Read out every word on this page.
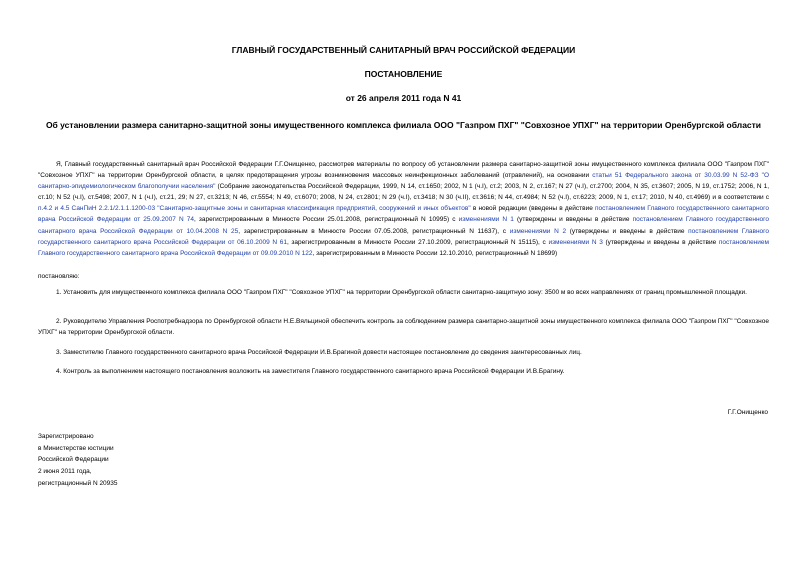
ГЛАВНЫЙ ГОСУДАРСТВЕННЫЙ САНИТАРНЫЙ ВРАЧ РОССИЙСКОЙ ФЕДЕРАЦИИ
ПОСТАНОВЛЕНИЕ
от 26 апреля 2011 года N 41
Об установлении размера санитарно-защитной зоны имущественного комплекса филиала ООО "Газпром ПХГ" "Совхозное УПХГ" на территории Оренбургской области
Я, Главный государственный санитарный врач Российской Федерации Г.Г.Онищенко, рассмотрев материалы по вопросу об установлении размера санитарно-защитной зоны имущественного комплекса филиала ООО "Газпром ПХГ" "Совхозное УПХГ" на территории Оренбургской области, в целях предотвращения угрозы возникновения массовых неинфекционных заболеваний (отравлений), на основании статьи 51 Федерального закона от 30.03.99 N 52-ФЗ "О санитарно-эпидемиологическом благополучии населения" (Собрание законодательства Российской Федерации, 1999, N 14, ст.1650; 2002, N 1 (ч.I), ст.2; 2003, N 2, ст.167; N 27 (ч.I), ст.2700; 2004, N 35, ст.3607; 2005, N 19, ст.1752; 2006, N 1, ст.10; N 52 (ч.I), ст.5498; 2007, N 1 (ч.I), ст.21, 29; N 27, ст.3213; N 46, ст.5554; N 49, ст.6070; 2008, N 24, ст.2801; N 29 (ч.I), ст.3418; N 30 (ч.II), ст.3616; N 44, ст.4984; N 52 (ч.I), ст.6223; 2009, N 1, ст.17; 2010, N 40, ст.4969) и в соответствии с п.4.2 и 4.5 СанПиН 2.2.1/2.1.1.1200-03 "Санитарно-защитные зоны и санитарная классификация предприятий, сооружений и иных объектов" в новой редакции (введены в действие постановлением Главного государственного санитарного врача Российской Федерации от 25.09.2007 N 74, зарегистрированным в Минюсте России 25.01.2008, регистрационный N 10995) с изменениями N 1 (утверждены и введены в действие постановлением Главного государственного санитарного врача Российской Федерации от 10.04.2008 N 25, зарегистрированным в Минюсте России 07.05.2008, регистрационный N 11637), с изменениями N 2 (утверждены и введены в действие постановлением Главного государственного санитарного врача Российской Федерации от 06.10.2009 N 61, зарегистрированным в Минюсте России 27.10.2009, регистрационный N 15115), с изменениями N 3 (утверждены и введены в действие постановлением Главного государственного санитарного врача Российской Федерации от 09.09.2010 N 122, зарегистрированным в Минюсте России 12.10.2010, регистрационный N 18699)
постановляю:
1. Установить для имущественного комплекса филиала ООО "Газпром ПХГ" "Совхозное УПХГ" на территории Оренбургской области санитарно-защитную зону: 3500 м во всех направлениях от границ промышленной площадки.
2. Руководителю Управления Роспотребнадзора по Оренбургской области Н.Е.Вяльциной обеспечить контроль за соблюдением размера санитарно-защитной зоны имущественного комплекса филиала ООО "Газпром ПХГ" "Совхозное УПХГ" на территории Оренбургской области.
3. Заместителю Главного государственного санитарного врача Российской Федерации И.В.Брагиной довести настоящее постановление до сведения заинтересованных лиц.
4. Контроль за выполнением настоящего постановления возложить на заместителя Главного государственного санитарного врача Российской Федерации И.В.Брагину.
Г.Г.Онищенко
Зарегистрировано
в Министерстве юстиции
Российской Федерации
2 июня 2011 года,
регистрационный N 20935
